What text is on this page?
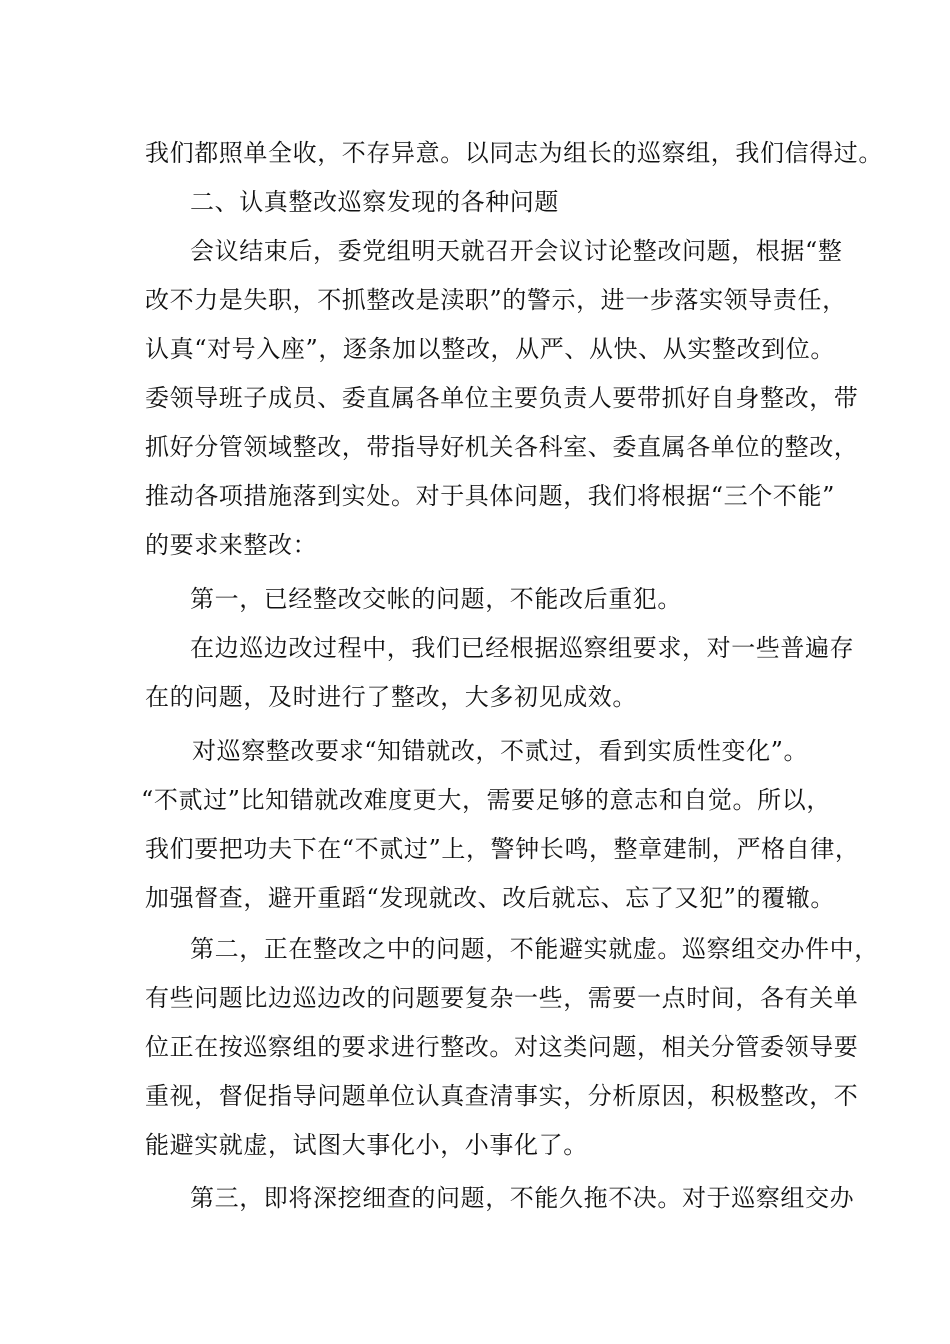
我们都照单全收，不存异意。以同志为组长的巡察组，我们信得过。
二、认真整改巡察发现的各种问题
会议结束后，委党组明天就召开会议讨论整改问题，根据“整
改不力是失职，不抓整改是渎职”的警示，进一步落实领导责任，
认真“对号入座”，逐条加以整改，从严、从快、从实整改到位。
委领导班子成员、委直属各单位主要负责人要带抓好自身整改，带
抓好分管领域整改，带指导好机关各科室、委直属各单位的整改，
推动各项措施落到实处。对于具体问题，我们将根据“三个不能”
的要求来整改：
第一，已经整改交帐的问题，不能改后重犯。
在边巡边改过程中，我们已经根据巡察组要求，对一些普遍存
在的问题，及时进行了整改，大多初见成效。
对巡察整改要求“知错就改，不贰过，看到实质性变化”。
“不贰过”比知错就改难度更大，需要足够的意志和自觉。所以，
我们要把功夫下在“不贰过”上，警钟长鸣，整章建制，严格自律，
加强督查，避开重蹈“发现就改、改后就忘、忘了又犯”的覆辙。
第二，正在整改之中的问题，不能避实就虚。巡察组交办件中，
有些问题比边巡边改的问题要复杂一些，需要一点时间，各有关单
位正在按巡察组的要求进行整改。对这类问题，相关分管委领导要
重视，督促指导问题单位认真查清事实，分析原因，积极整改，不
能避实就虚，试图大事化小，小事化了。
第三，即将深挖细查的问题，不能久拖不决。对于巡察组交办
